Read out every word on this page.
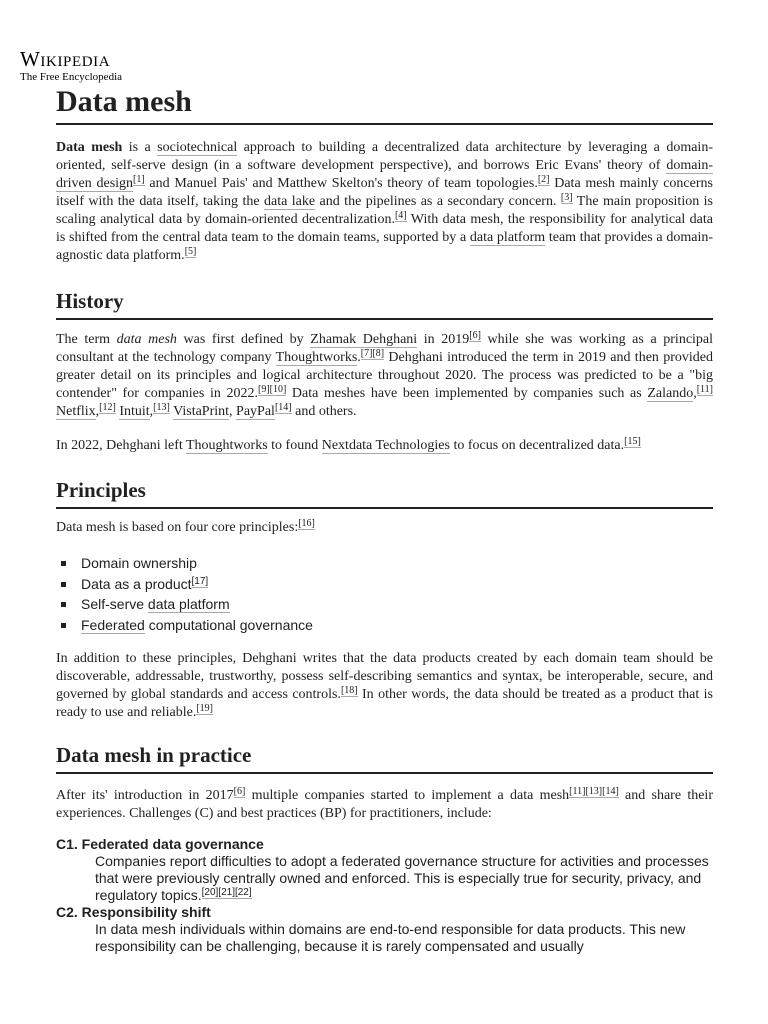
Wikipedia
The Free Encyclopedia
Data mesh

Data mesh is a sociotechnical approach to building a decentralized data architecture by leveraging a domain-oriented, self-serve design (in a software development perspective), and borrows Eric Evans' theory of domain-driven design[1] and Manuel Pais' and Matthew Skelton's theory of team topologies.[2] Data mesh mainly concerns itself with the data itself, taking the data lake and the pipelines as a secondary concern. [3] The main proposition is scaling analytical data by domain-oriented decentralization.[4] With data mesh, the responsibility for analytical data is shifted from the central data team to the domain teams, supported by a data platform team that provides a domain-agnostic data platform.[5]

History

The term data mesh was first defined by Zhamak Dehghani in 2019[6] while she was working as a principal consultant at the technology company Thoughtworks.[7][8] Dehghani introduced the term in 2019 and then provided greater detail on its principles and logical architecture throughout 2020. The process was predicted to be a "big contender" for companies in 2022.[9][10] Data meshes have been implemented by companies such as Zalando,[11] Netflix,[12] Intuit,[13] VistaPrint, PayPal[14] and others.

In 2022, Dehghani left Thoughtworks to found Nextdata Technologies to focus on decentralized data.[15]

Principles

Data mesh is based on four core principles:[16]

Domain ownership
Data as a product[17]
Self-serve data platform
Federated computational governance

In addition to these principles, Dehghani writes that the data products created by each domain team should be discoverable, addressable, trustworthy, possess self-describing semantics and syntax, be interoperable, secure, and governed by global standards and access controls.[18] In other words, the data should be treated as a product that is ready to use and reliable.[19]

Data mesh in practice

After its' introduction in 2017[6] multiple companies started to implement a data mesh[11][13][14] and share their experiences. Challenges (C) and best practices (BP) for practitioners, include:

C1. Federated data governance
Companies report difficulties to adopt a federated governance structure for activities and processes that were previously centrally owned and enforced. This is especially true for security, privacy, and regulatory topics.[20][21][22]
C2. Responsibility shift
In data mesh individuals within domains are end-to-end responsible for data products. This new responsibility can be challenging, because it is rarely compensated and usually
